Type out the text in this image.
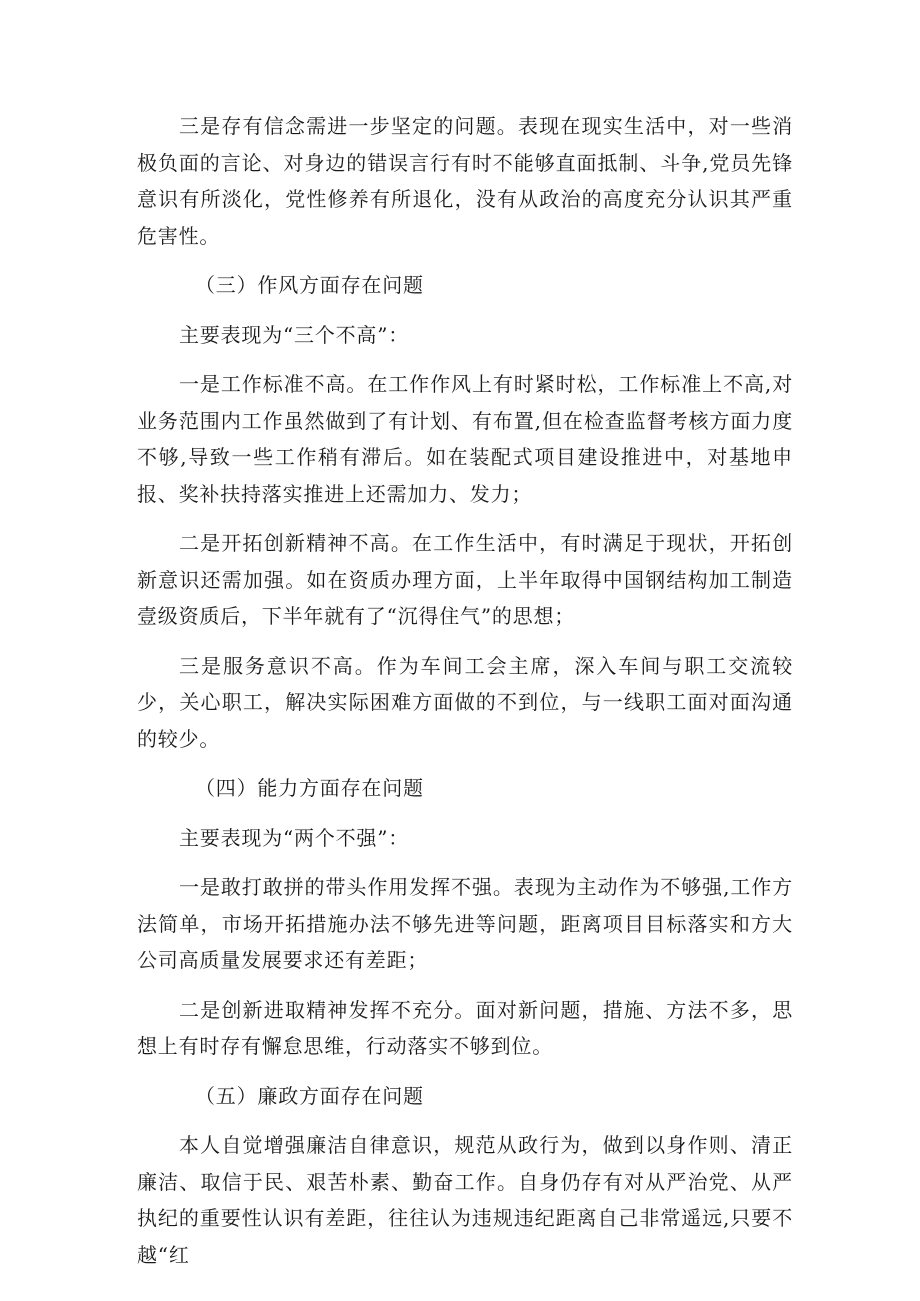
三是存有信念需进一步坚定的问题。表现在现实生活中，对一些消极负面的言论、对身边的错误言行有时不能够直面抵制、斗争,党员先锋意识有所淡化，党性修养有所退化，没有从政治的高度充分认识其严重危害性。

（三）作风方面存在问题

主要表现为“三个不高”：

一是工作标准不高。在工作作风上有时紧时松，工作标准上不高,对业务范围内工作虽然做到了有计划、有布置,但在检查监督考核方面力度不够,导致一些工作稍有滞后。如在装配式项目建设推进中，对基地申报、奖补扶持落实推进上还需加力、发力；

二是开拓创新精神不高。在工作生活中，有时满足于现状，开拓创新意识还需加强。如在资质办理方面，上半年取得中国钢结构加工制造壹级资质后，下半年就有了“沉得住气”的思想；

三是服务意识不高。作为车间工会主席，深入车间与职工交流较少，关心职工，解决实际困难方面做的不到位，与一线职工面对面沟通的较少。

（四）能力方面存在问题

主要表现为“两个不强”：

一是敢打敢拼的带头作用发挥不强。表现为主动作为不够强,工作方法简单，市场开拓措施办法不够先进等问题，距离项目目标落实和方大公司高质量发展要求还有差距；

二是创新进取精神发挥不充分。面对新问题，措施、方法不多，思想上有时存有懈怠思维，行动落实不够到位。

（五）廉政方面存在问题

本人自觉增强廉洁自律意识，规范从政行为，做到以身作则、清正廉洁、取信于民、艰苦朴素、勤奋工作。自身仍存有对从严治党、从严执纪的重要性认识有差距，往往认为违规违纪距离自己非常遥远,只要不越“红
